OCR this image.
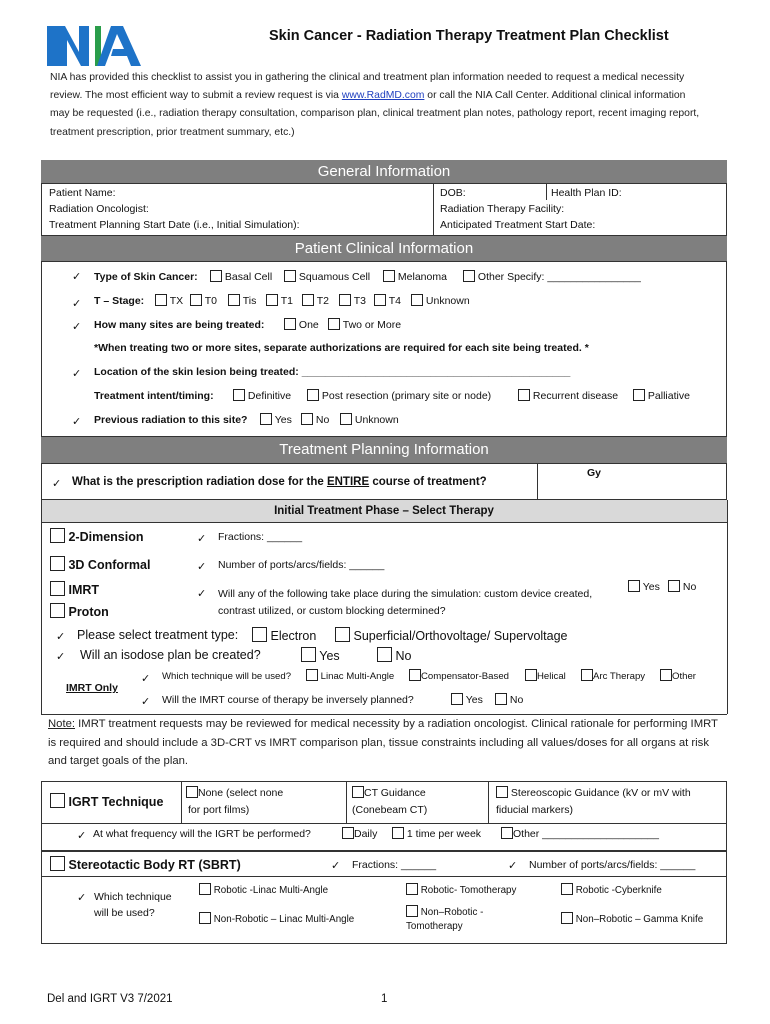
Skin Cancer - Radiation Therapy Treatment Plan Checklist
NIA has provided this checklist to assist you in gathering the clinical and treatment plan information needed to request a medical necessity review. The most efficient way to submit a review request is via www.RadMD.com or call the NIA Call Center. Additional clinical information may be requested (i.e., radiation therapy consultation, comparison plan, clinical treatment plan notes, pathology report, recent imaging report, treatment prescription, prior treatment summary, etc.)
General Information
Patient Name:	DOB:	Health Plan ID:
Radiation Oncologist:	Radiation Therapy Facility:
Treatment Planning Start Date (i.e., Initial Simulation):	Anticipated Treatment Start Date:
Patient Clinical Information
✓ Type of Skin Cancer:	Basal Cell	Squamous Cell	Melanoma	Other Specify: ________________
✓ T – Stage:	TX	T0	Tis	T1	T2	T3	T4	Unknown
✓ How many sites are being treated:	One	Two or More
*When treating two or more sites, separate authorizations are required for each site being treated. *
✓ Location of the skin lesion being treated: ______________________________________________
Treatment intent/timing:	Definitive	Post resection (primary site or node)	Recurrent disease	Palliative
✓ Previous radiation to this site?	Yes	No	Unknown
Treatment Planning Information
✓ What is the prescription radiation dose for the ENTIRE course of treatment?
Gy
Initial Treatment Phase – Select Therapy
2-Dimension
3D Conformal
IMRT
Proton
✓ Fractions: ______
✓ Number of ports/arcs/fields: ______
✓ Will any of the following take place during the simulation: custom device created, contrast utilized, or custom blocking determined?
Yes	No
✓ Please select treatment type:	Electron	Superficial/Orthovoltage/ Supervoltage
✓ Will an isodose plan be created?	Yes	No
IMRT Only
✓ Which technique will be used?	Linac Multi-Angle	Compensator-Based	Helical	Arc Therapy	Other
✓ Will the IMRT course of therapy be inversely planned?	Yes	No
Note: IMRT treatment requests may be reviewed for medical necessity by a radiation oncologist. Clinical rationale for performing IMRT is required and should include a 3D-CRT vs IMRT comparison plan, tissue constraints including all values/doses for all organs at risk and target goals of the plan.
IGRT Technique
None (select none
for port films)
CT Guidance
(Conebeam CT)
Stereoscopic Guidance (kV or mV with
fiducial markers)
✓ At what frequency will the IGRT be performed?	Daily	1 time per week	Other ____________________
Stereotactic Body RT (SBRT)	✓ Fractions: ______	✓ Number of ports/arcs/fields: ______
✓ Which technique
will be used?
Robotic -Linac Multi-Angle	Robotic- Tomotherapy	Robotic -Cyberknife
Non-Robotic – Linac Multi-Angle
Non–Robotic -
Tomotherapy
Non–Robotic – Gamma Knife
Del and IGRT V3 7/2021	1
